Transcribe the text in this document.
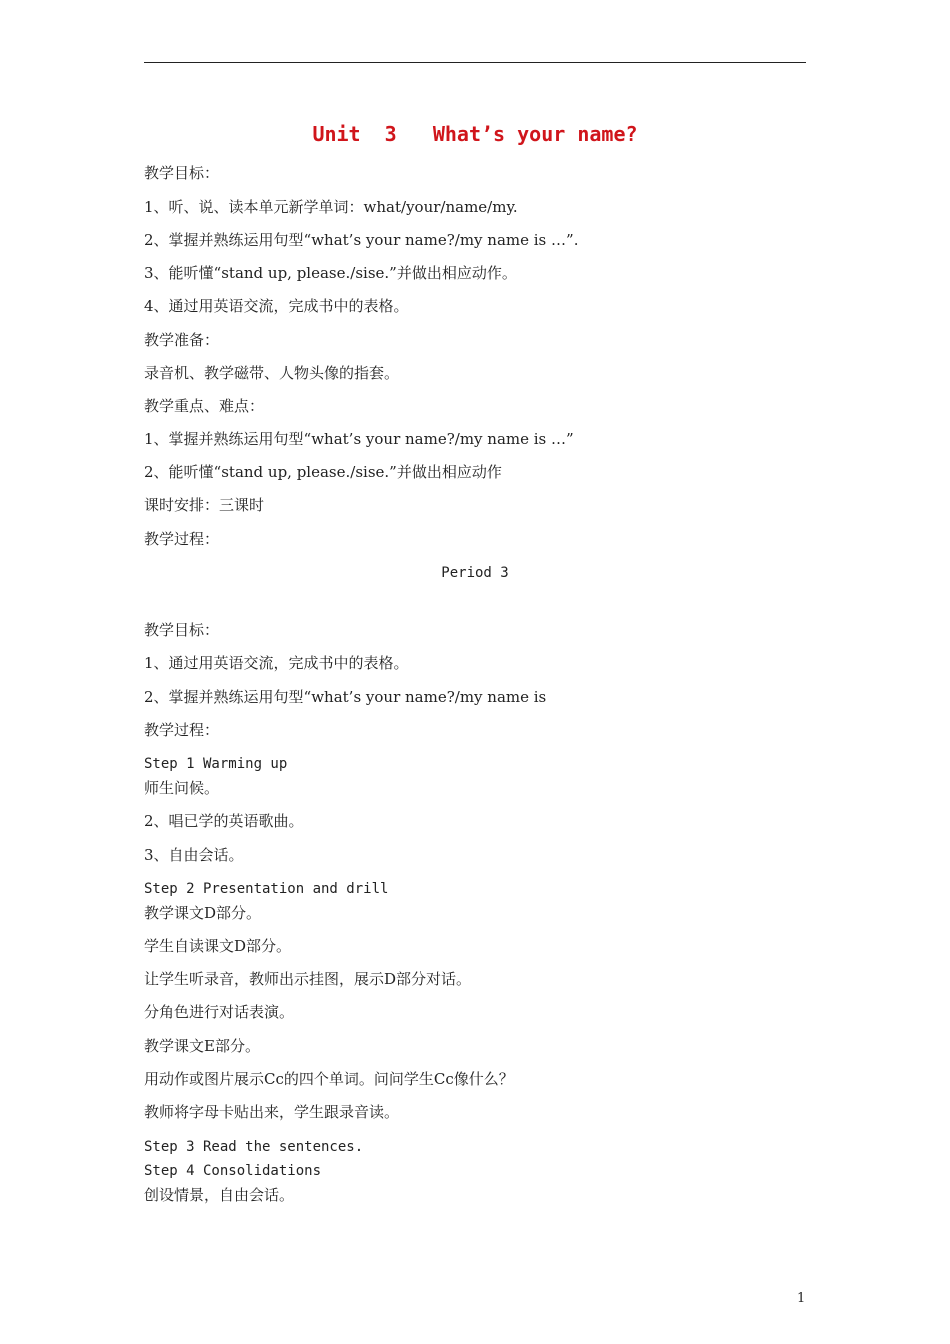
Unit  3   What’s your name?
教学目标：
1、听、说、读本单元新学单词：what/your/name/my.
2、掌握并熟练运用句型“what’s your name?/my name is …”.
3、能听懂“stand up, please./sise.”并做出相应动作。
4、通过用英语交流，完成书中的表格。
教学准备：
录音机、教学磁带、人物头像的指套。
教学重点、难点：
1、掌握并熟练运用句型“what’s your name?/my name is …”
2、能听懂“stand up, please./sise.”并做出相应动作
课时安排：三课时
教学过程：
Period 3
教学目标：
1、通过用英语交流，完成书中的表格。
2、掌握并熟练运用句型“what’s your name?/my name is
教学过程：
Step 1 Warming up
师生问候。
2、唱已学的英语歌曲。
3、自由会话。
Step 2 Presentation and drill
教学课文D部分。
学生自读课文D部分。
让学生听录音，教师出示挂图，展示D部分对话。
分角色进行对话表演。
教学课文E部分。
用动作或图片展示Cc的四个单词。问问学生Cc像什么？
教师将字母卡贴出来，学生跟录音读。
Step 3 Read the sentences.
Step 4 Consolidations
创设情景，自由会话。
1
